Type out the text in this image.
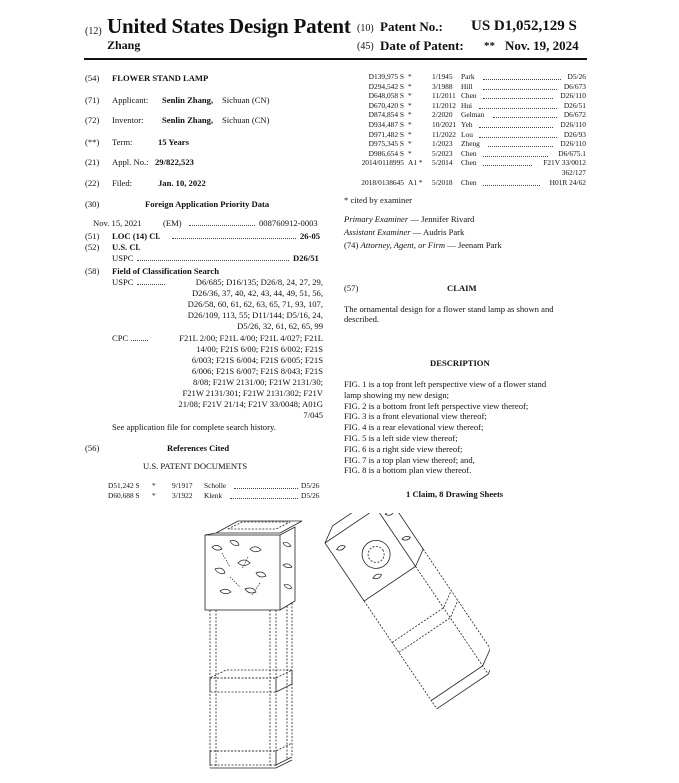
(12) United States Design Patent
Zhang
(10) Patent No.: US D1,052,129 S
(45) Date of Patent: ** Nov. 19, 2024
(54) FLOWER STAND LAMP
(71) Applicant: Senlin Zhang, Sichuan (CN)
(72) Inventor: Senlin Zhang, Sichuan (CN)
(**) Term:	15 Years
(21) Appl. No.: 29/822,523
(22) Filed:	Jan. 10, 2022
(30)	Foreign Application Priority Data
Nov. 15, 2021 (EM)	008760912-0003
(51) LOC (14) Cl.	26-05
(52) U.S. Cl.
USPC	D26/51
(58) Field of Classification Search
USPC	D6/685; D16/135; D26/8, 24, 27, 29,
D26/36, 37, 40, 42, 43, 44, 49, 51, 56,
D26/58, 60, 61, 62, 63, 65, 71, 93, 107,
D26/109, 113, 55; D11/144; D5/16, 24,
D5/26, 32, 61, 62, 65, 99
CPC	F21L 2/00; F21L 4/00; F21L 4/027; F21L
14/00; F21S 6/00; F21S 6/002; F21S
6/003; F21S 6/004; F21S 6/005; F21S
6/006; F21S 6/007; F21S 8/043; F21S
8/08; F21W 2131/00; F21W 2131/30;
F21W 2131/301; F21W 2131/302; F21V
21/08; F21V 21/14; F21V 33/0048; A01G
7/045
See application file for complete search history.
(56)	References Cited
U.S. PATENT DOCUMENTS
D51,242 S * 9/1917 Scholle	D5/26
D60,688 S * 3/1922 Klenk	D5/26
D139,975 S *	1/1945 Park	D5/26
D294,542 S *	3/1988 Hill	D6/673
D648,058 S *	11/2011 Chen	D26/110
D670,420 S *	11/2012 Hui	D26/51
D874,854 S *	2/2020 Gelman	D6/672
D934,487 S *	10/2021 Yeh	D26/110
D971,482 S *	11/2022 Lou	D26/93
D975,345 S *	1/2023 Zheng	D26/110
D986,654 S *	5/2023 Chen	D6/675.1
2014/0118995 A1 * 5/2014 Chen	F21V 33/0012
362/127
2018/0138645 A1 * 5/2018 Chen	H01R 24/62
* cited by examiner
Primary Examiner — Jennifer Rivard
Assistant Examiner — Audris Park
(74) Attorney, Agent, or Firm — Jeenam Park
(57)	CLAIM
The ornamental design for a flower stand lamp as shown and described.
DESCRIPTION
FIG. 1 is a top front left perspective view of a flower stand
lamp showing my new design;
FIG. 2 is a bottom front left perspective view thereof;
FIG. 3 is a front elevational view thereof;
FIG. 4 is a rear elevational view thereof;
FIG. 5 is a left side view thereof;
FIG. 6 is a right side view thereof;
FIG. 7 is a top plan view thereof; and,
FIG. 8 is a bottom plan view thereof.
1 Claim, 8 Drawing Sheets
